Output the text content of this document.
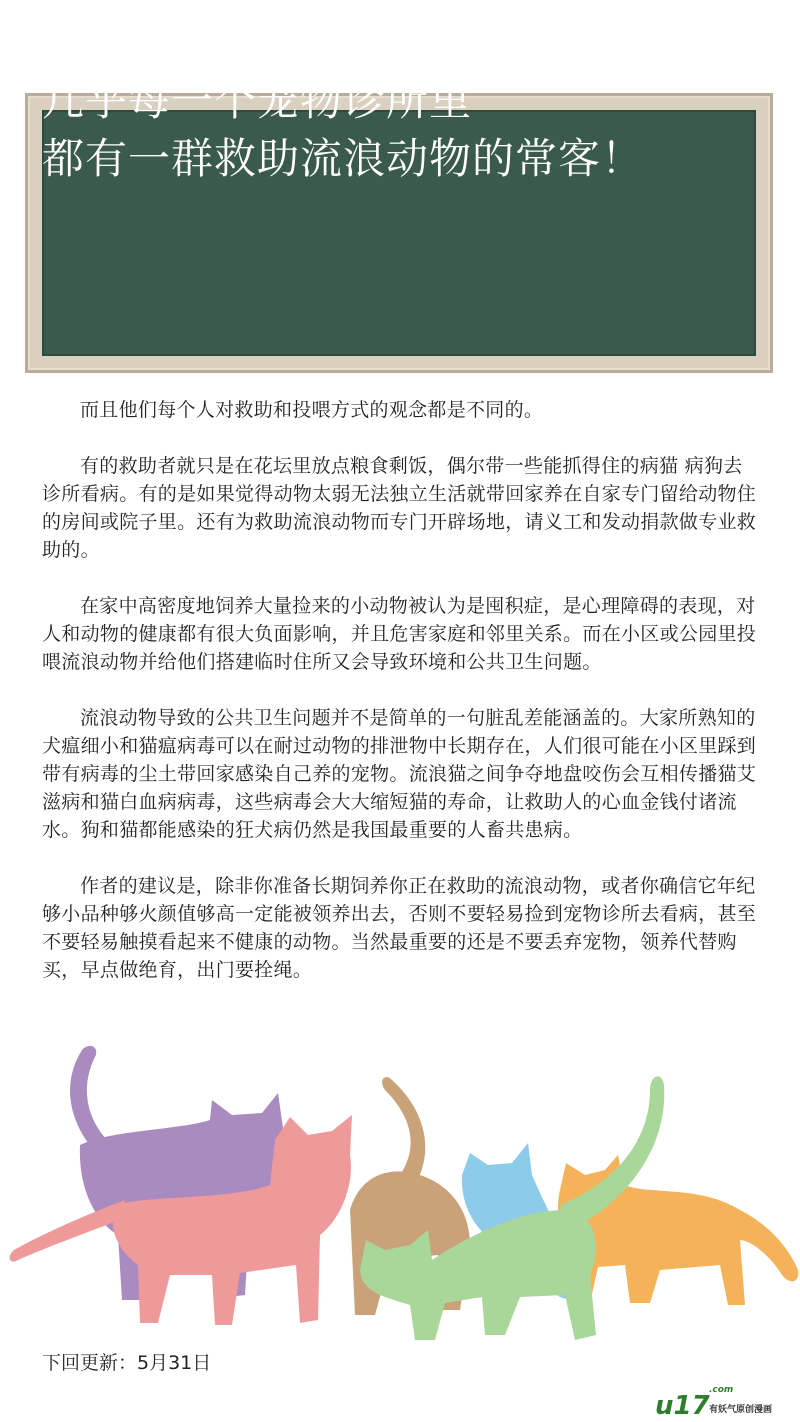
几乎每一个宠物诊所里
都有一群救助流浪动物的常客！

而且他们每个人对救助和投喂方式的观念都是不同的。

有的救助者就只是在花坛里放点粮食剩饭，偶尔带一些能抓得住的病猫 病狗去诊所看病。有的是如果觉得动物太弱无法独立生活就带回家养在自家专门留给动物住的房间或院子里。还有为救助流浪动物而专门开辟场地，请义工和发动捐款做专业救助的。

在家中高密度地饲养大量捡来的小动物被认为是囤积症，是心理障碍的表现，对人和动物的健康都有很大负面影响，并且危害家庭和邻里关系。而在小区或公园里投喂流浪动物并给他们搭建临时住所又会导致环境和公共卫生问题。

流浪动物导致的公共卫生问题并不是简单的一句脏乱差能涵盖的。大家所熟知的犬瘟细小和猫瘟病毒可以在耐过动物的排泄物中长期存在，人们很可能在小区里踩到带有病毒的尘土带回家感染自己养的宠物。流浪猫之间争夺地盘咬伤会互相传播猫艾滋病和猫白血病病毒，这些病毒会大大缩短猫的寿命，让救助人的心血金钱付诸流水。狗和猫都能感染的狂犬病仍然是我国最重要的人畜共患病。

作者的建议是，除非你准备长期饲养你正在救助的流浪动物，或者你确信它年纪够小品种够火颜值够高一定能被领养出去，否则不要轻易捡到宠物诊所去看病，甚至不要轻易触摸看起来不健康的动物。当然最重要的还是不要丢弃宠物，领养代替购买，早点做绝育，出门要拴绳。

下回更新：5月31日
u17
.com
有妖气原创漫画
